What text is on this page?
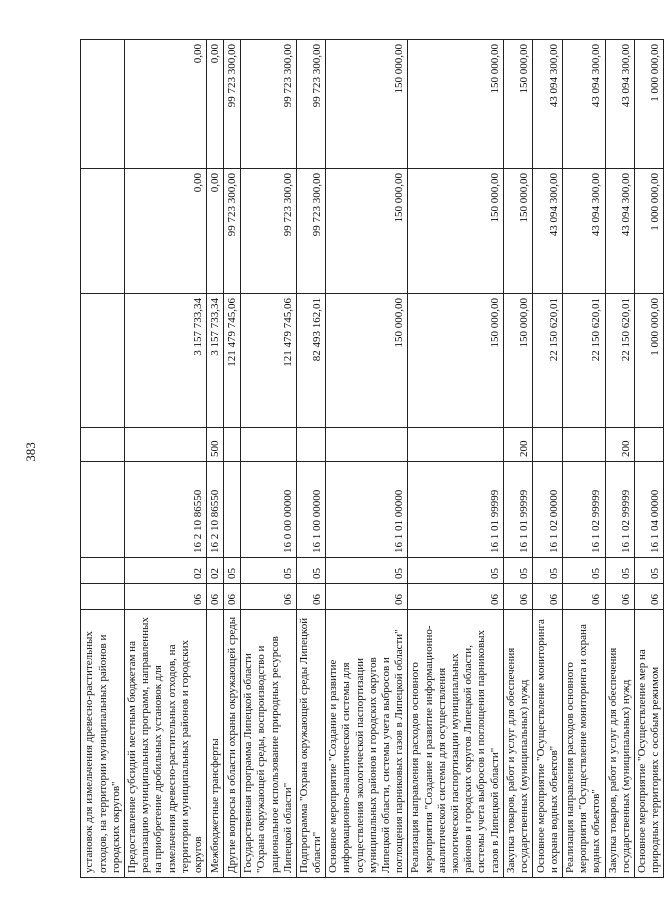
383
установок для измельчения древесно-растительных отходов, на территории муниципальных районов и городских округов"							
Предоставление субсидий местным бюджетам на реализацию муниципальных программ, направленных на приобретение дробильных установок для измельчения древесно-растительных отходов, на территории муниципальных районов и городских округов	06	02	16 2 10 86550		3 157 733,34	0,00	0,00
Межбюджетные трансферты	06	02	16 2 10 86550	500	3 157 733,34	0,00	0,00
Другие вопросы в области охраны окружающей среды	06	05			121 479 745,06	99 723 300,00	99 723 300,00
Государственная программа Липецкой области "Охрана окружающей среды, воспроизводство и рациональное использование природных ресурсов Липецкой области"	06	05	16 0 00 00000		121 479 745,06	99 723 300,00	99 723 300,00
Подпрограмма "Охрана окружающей среды Липецкой области"	06	05	16 1 00 00000		82 493 162,01	99 723 300,00	99 723 300,00
Основное мероприятие "Создание и развитие информационно-аналитической системы для осуществления экологической паспортизации муниципальных районов и городских округов Липецкой области, системы учета выбросов и поглощения парниковых газов в Липецкой области"	06	05	16 1 01 00000		150 000,00	150 000,00	150 000,00
Реализация направления расходов основного мероприятия "Создание и развитие информационно-аналитической системы для осуществления экологической паспортизации муниципальных районов и городских округов Липецкой области, системы учета выбросов и поглощения парниковых газов в Липецкой области"	06	05	16 1 01 99999		150 000,00	150 000,00	150 000,00
Закупка товаров, работ и услуг для обеспечения государственных (муниципальных) нужд	06	05	16 1 01 99999	200	150 000,00	150 000,00	150 000,00
Основное мероприятие "Осуществление мониторинга и охрана водных объектов"	06	05	16 1 02 00000		22 150 620,01	43 094 300,00	43 094 300,00
Реализация направления расходов основного мероприятия "Осуществление мониторинга и охрана водных объектов"	06	05	16 1 02 99999		22 150 620,01	43 094 300,00	43 094 300,00
Закупка товаров, работ и услуг для обеспечения государственных (муниципальных) нужд	06	05	16 1 02 99999	200	22 150 620,01	43 094 300,00	43 094 300,00
Основное мероприятие "Осуществление мер на природных территориях с особым режимом	06	05	16 1 04 00000		1 000 000,00	1 000 000,00	1 000 000,00
